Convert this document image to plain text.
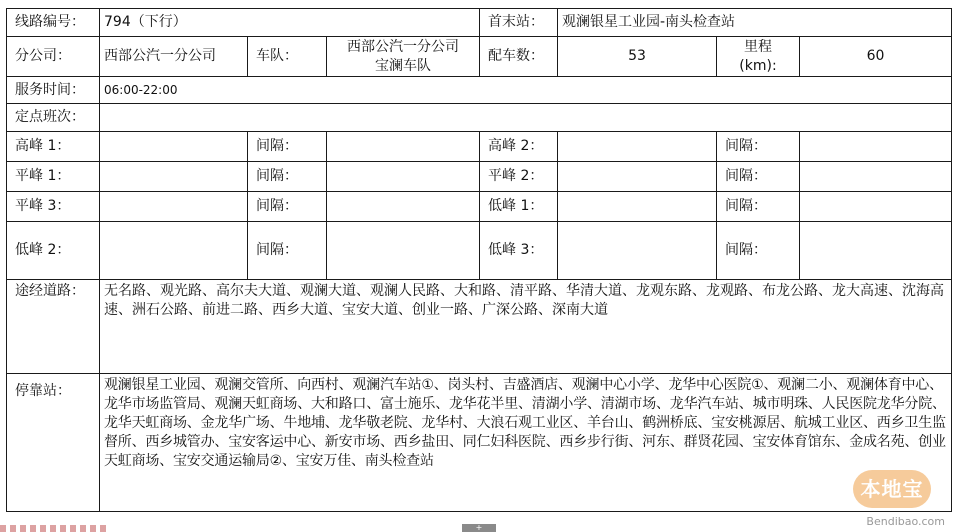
线路编号：	794（下行）			首末站：	观澜银星工业园-南头检查站		
分公司：	西部公汽一分公司	车队：	西部公汽一分公司宝澜车队	配车数：	53	里程(km):	60
服务时间：	06:00-22:00						
定点班次：							
高峰 1：		间隔：		高峰 2：		间隔：	
平峰 1：		间隔：		平峰 2：		间隔：	
平峰 3：		间隔：		低峰 1：		间隔：	
低峰 2：		间隔：		低峰 3：		间隔：	
途经道路：	无名路、观光路、高尔夫大道、观澜大道、观澜人民路、大和路、清平路、华清大道、龙观东路、龙观路、布龙公路、龙大高速、沈海高速、洲石公路、前进二路、西乡大道、宝安大道、创业一路、广深公路、深南大道						
停靠站：	观澜银星工业园、观澜交管所、向西村、观澜汽车站①、岗头村、吉盛酒店、观澜中心小学、龙华中心医院①、观澜二小、观澜体育中心、龙华市场监管局、观澜天虹商场、大和路口、富士施乐、龙华花半里、清湖小学、清湖市场、龙华汽车站、城市明珠、人民医院龙华分院、龙华天虹商场、金龙华广场、牛地埔、龙华敬老院、龙华村、大浪石观工业区、羊台山、鹤洲桥底、宝安桃源居、航城工业区、西乡卫生监督所、西乡城管办、宝安客运中心、新安市场、西乡盐田、同仁妇科医院、西乡步行街、河东、群贤花园、宝安体育馆东、金成名苑、创业天虹商场、宝安交通运输局②、宝安万佳、南头检查站						
+
本地宝
Bendibao.com
